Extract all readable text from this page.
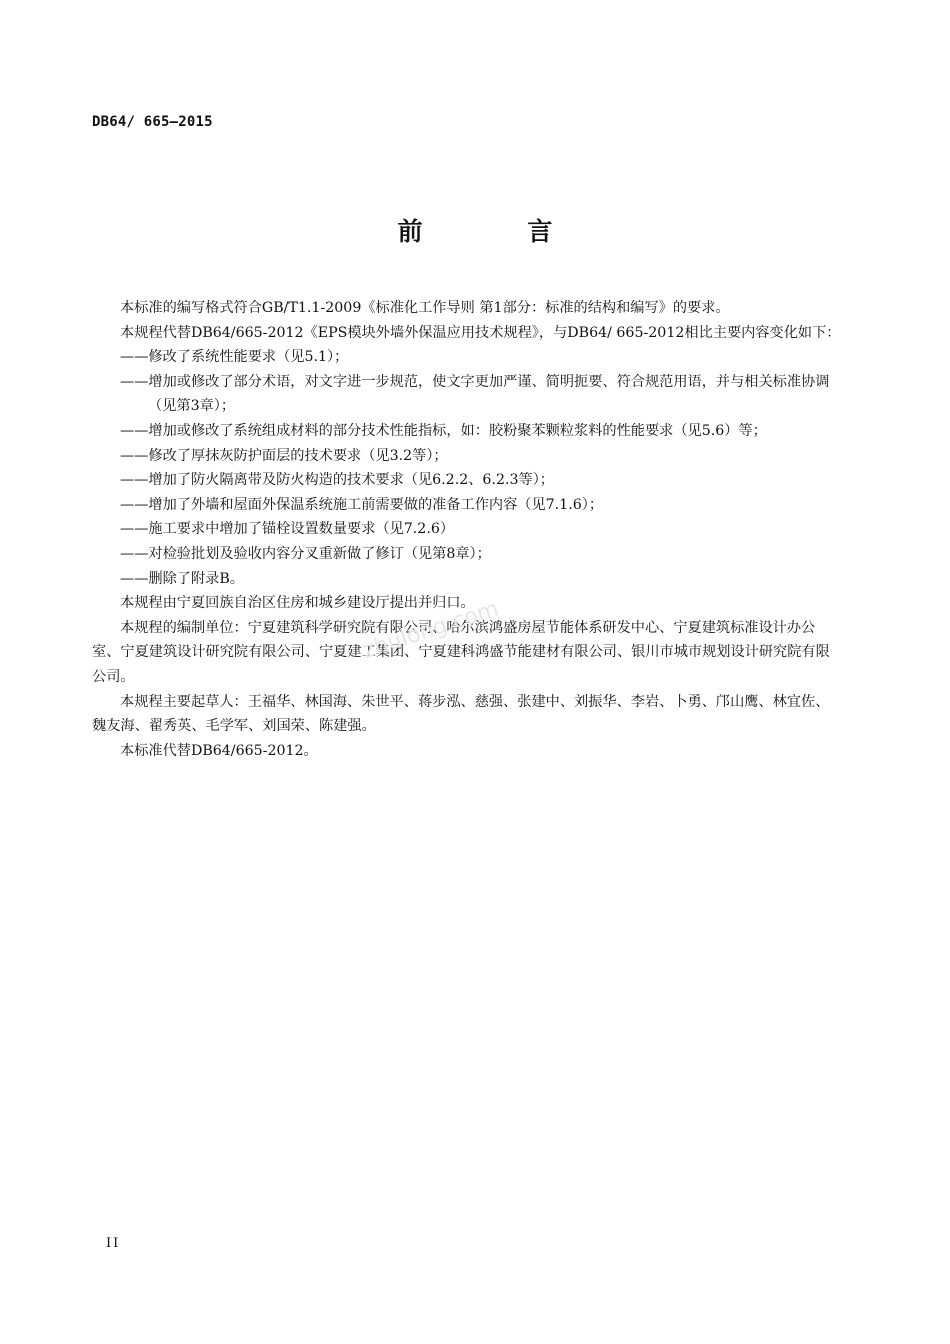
DB64/ 665—2015
前 言

本标准的编写格式符合GB/T1.1-2009《标准化工作导则 第1部分：标准的结构和编写》的要求。

本规程代替DB64/665-2012《EPS模块外墙外保温应用技术规程》，与DB64/ 665-2012相比主要内容变化如下：

——修改了系统性能要求（见5.1）；

——增加或修改了部分术语，对文字进一步规范，使文字更加严谨、简明扼要、符合规范用语，并与相关标准协调（见第3章）；

——增加或修改了系统组成材料的部分技术性能指标，如：胶粉聚苯颗粒浆料的性能要求（见5.6）等；

——修改了厚抹灰防护面层的技术要求（见3.2等）；

——增加了防火隔离带及防火构造的技术要求（见6.2.2、6.2.3等）；

——增加了外墙和屋面外保温系统施工前需要做的准备工作内容（见7.1.6）；

——施工要求中增加了锚栓设置数量要求（见7.2.6）

——对检验批划及验收内容分叉重新做了修订（见第8章）；

——删除了附录B。

本规程由宁夏回族自治区住房和城乡建设厅提出并归口。

本规程的编制单位：宁夏建筑科学研究院有限公司、哈尔滨鸿盛房屋节能体系研发中心、宁夏建筑标准设计办公室、宁夏建筑设计研究院有限公司、宁夏建工集团、宁夏建科鸿盛节能建材有限公司、银川市城市规划设计研究院有限公司。

本规程主要起草人：王福华、林国海、朱世平、蒋步泓、慈强、张建中、刘振华、李岩、卜勇、邝山鹰、林宜佐、魏友海、翟秀英、毛学军、刘国荣、陈建强。

本标准代替DB64/665-2012。

zhulong.com
II
